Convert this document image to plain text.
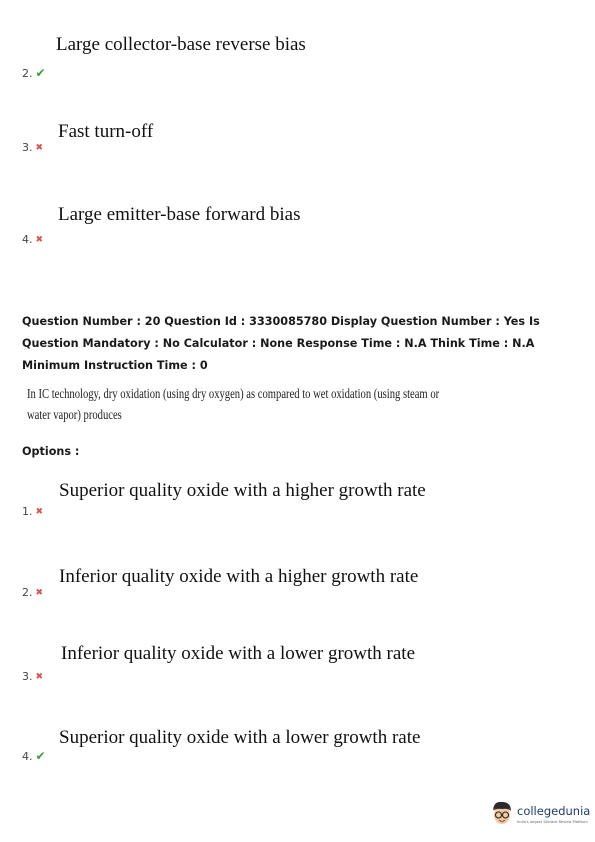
Large collector-base reverse bias
2. ✔
Fast turn-off
3. ✖
Large emitter-base forward bias
4. ✖

Question Number : 20 Question Id : 3330085780 Display Question Number : Yes Is Question Mandatory : No Calculator : None Response Time : N.A Think Time : N.A Minimum Instruction Time : 0

In IC technology, dry oxidation (using dry oxygen) as compared to wet oxidation (using steam or water vapor) produces
Options :
Superior quality oxide with a higher growth rate
1. ✖
Inferior quality oxide with a higher growth rate
2. ✖
Inferior quality oxide with a lower growth rate
3. ✖
Superior quality oxide with a lower growth rate
4. ✔
collegedunia
India's largest Student Review Platform
